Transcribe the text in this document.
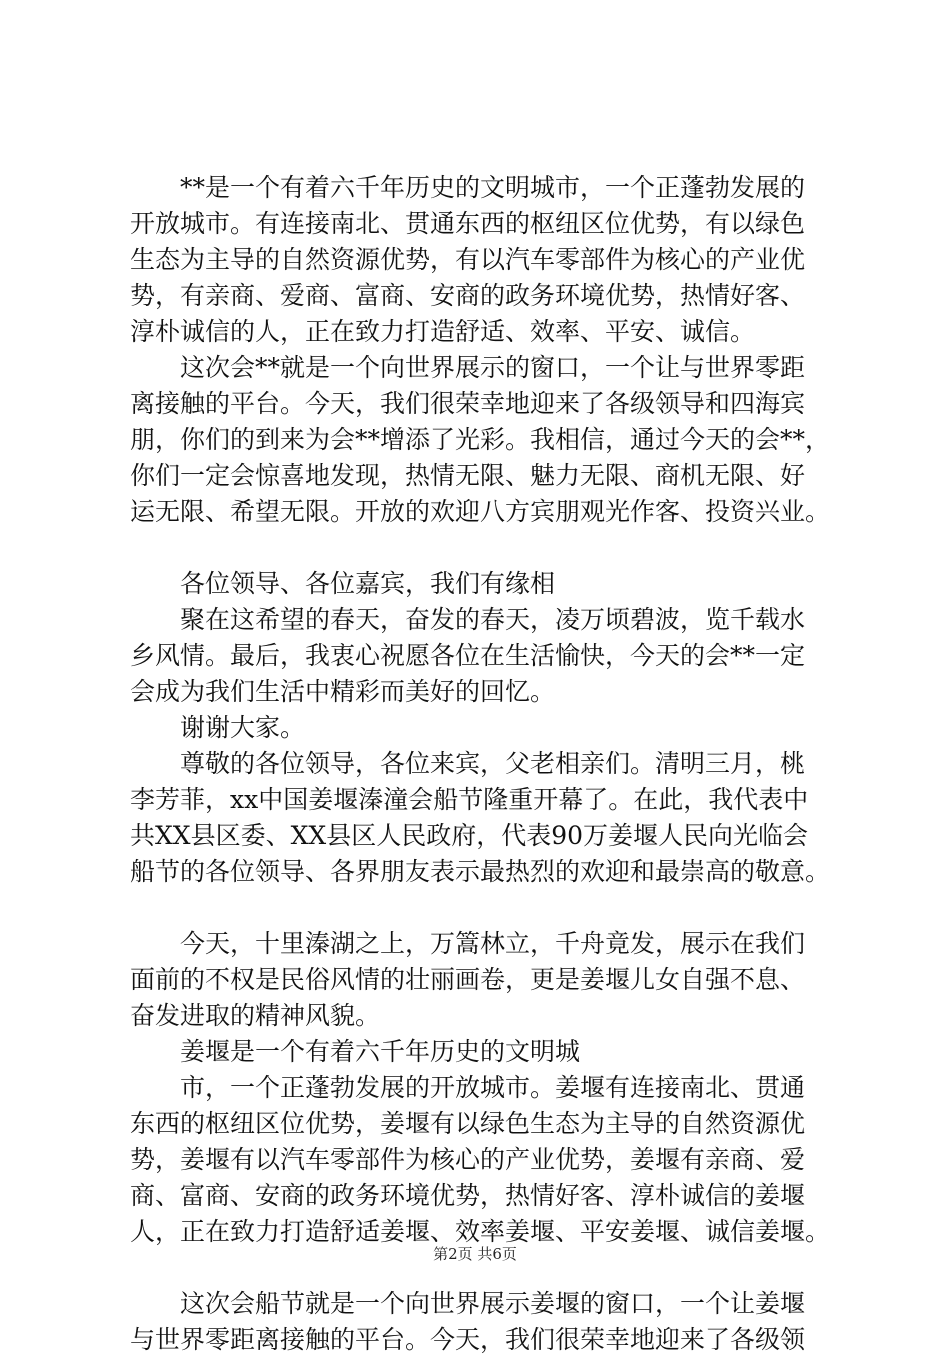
　　**是一个有着六千年历史的文明城市，一个正蓬勃发展的
开放城市。有连接南北、贯通东西的枢纽区位优势，有以绿色
生态为主导的自然资源优势，有以汽车零部件为核心的产业优
势，有亲商、爱商、富商、安商的政务环境优势，热情好客、
淳朴诚信的人，正在致力打造舒适、效率、平安、诚信。
　　这次会**就是一个向世界展示的窗口，一个让与世界零距
离接触的平台。今天，我们很荣幸地迎来了各级领导和四海宾
朋，你们的到来为会**增添了光彩。我相信，通过今天的会**，
你们一定会惊喜地发现，热情无限、魅力无限、商机无限、好
运无限、希望无限。开放的欢迎八方宾朋观光作客、投资兴业。
　　各位领导、各位嘉宾，我们有缘相
　　聚在这希望的春天，奋发的春天，凌万顷碧波，览千载水
乡风情。最后，我衷心祝愿各位在生活愉快，今天的会**一定
会成为我们生活中精彩而美好的回忆。
　　谢谢大家。
　　尊敬的各位领导，各位来宾，父老相亲们。清明三月，桃
李芳菲，xx中国姜堰溱潼会船节隆重开幕了。在此，我代表中
共XX县区委、XX县区人民政府，代表90万姜堰人民向光临会
船节的各位领导、各界朋友表示最热烈的欢迎和最崇高的敬意。
　　今天，十里溱湖之上，万篙林立，千舟竟发，展示在我们
面前的不权是民俗风情的壮丽画卷，更是姜堰儿女自强不息、
奋发进取的精神风貌。
　　姜堰是一个有着六千年历史的文明城
　　市，一个正蓬勃发展的开放城市。姜堰有连接南北、贯通
东西的枢纽区位优势，姜堰有以绿色生态为主导的自然资源优
势，姜堰有以汽车零部件为核心的产业优势，姜堰有亲商、爱
商、富商、安商的政务环境优势，热情好客、淳朴诚信的姜堰
人，正在致力打造舒适姜堰、效率姜堰、平安姜堰、诚信姜堰。
　　这次会船节就是一个向世界展示姜堰的窗口，一个让姜堰
与世界零距离接触的平台。今天，我们很荣幸地迎来了各级领
第2页 共6页
